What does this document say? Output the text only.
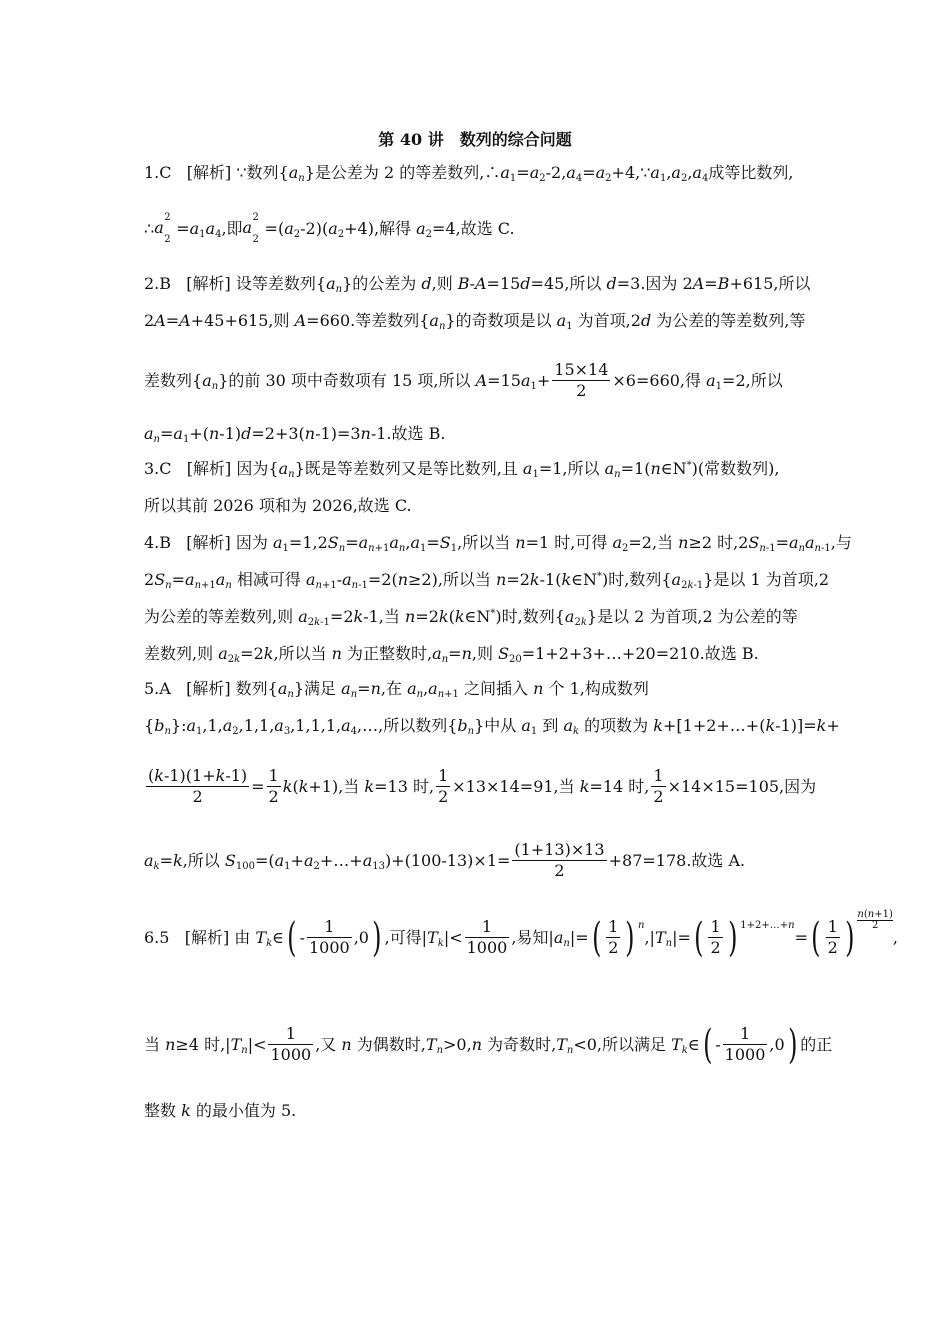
第 40 讲　数列的综合问题
1.C [解析] ∵数列$\{a_n\}$是公差为 2 的等差数列$,\therefore a_1=a_2-2,a_4=a_2+4,\because a_1,a_2,a_4$成等比数列,
∴
2
a
2
$=a_1a_4$,即
2
a
2
$=(a_2-2)(a_2+4)$,解得 $a_2=4$,故选 C.
2.B [解析] 设等差数列$\{a_n\}$的公差为 d,则 B-A=15d=45,所以 d=3.因为 2A=B+615,所以
2A=A+45+615,则 A=660.等差数列$\{a_n\}$的奇数项是以 $a_1$ 为首项,2d 为公差的等差数列,等
差数列$\{a_n\}$的前 30 项中奇数项有 15 项,所以 $A=15a_1+ \frac{15\times 14}{2} \times 6=660$,得 $a_1=2$,所以
$a_n=a_1+(n-1)d=2+3(n-1)=3n-1$.故选 B.
3.C [解析] 因为$\{a_n\}$既是等差数列又是等比数列,且 $a_1=1$,所以 $a_n=1(n\in N^*)$(常数数列),
所以其前 2026 项和为 2026,故选 C.
4.B [解析] 因为 $a_1=1,2S_n=a_{n+1}a_n,a_1=S_1$,所以当 n=1 时,可得 $a_2=2$,当 n≥2 时$,2S_{n-1}=a_na_{n-1}$,与
$2S_n=a_{n+1}a_n$ 相减可得 $a_{n+1}-a_{n-1}=2(n\ge 2)$,所以当 n=2k-1(k∈N*)时,数列$\{a_{2k-1}\}$是以 1 为首项,2
为公差的等差数列,则 $a_{2k-1}=2k-1$,当 n=2k(k∈N*)时,数列$\{a_{2k}\}$是以 2 为首项,2 为公差的等
差数列,则 $a_{2k}=2k$,所以当 n 为正整数时$,a_n=n$,则 $S_{20}=1+2+3+\dots+20=210$.故选 B.
5.A [解析] 数列$\{a_n\}$满足 $a_n=n$,在 $a_n,a_{n+1}$ 之间插入 n 个 1,构成数列
$\{b_n\}:a_1,1,a_2,1,1,a_3,1,1,1,a_4,\dots$,所以数列$\{b_n\}$中从 $a_1$ 到 $a_k$ 的项数为 k+[1+2+…+(k-1)]=k+
$\frac{(k-1)(1+k-1)}{2} = \frac{1}{2} k(k+1)$,当 k=13 时, $\frac{1}{2} \times 13\times 14=91$,当 k=14 时, $\frac{1}{2} \times 14\times 15=105$,因为
$a_k=k$,所以 $S_{100}=(a_1+a_2+\dots+a_{13})+(100-13)\times 1= \frac{(1+13)\times 13}{2} +87=178$.故选 A.
6.5 [解析] 由 $T_k\in( - \frac{1}{1000} ,0)$ ,可得$|T_k|< \frac{1}{1000}$ ,易知$|a_n|=( \frac{1}{2}$ ) $n,|T_n|=( \frac{1}{2}$ ) 1+2+…+n=( $\frac{1}{2}$ ) $\frac{n(n+1)}{2}$
,
当 n≥4 时$,|T_n|< \frac{1}{1000}$ ,又 n 为偶数时$,T_n>0,n$ 为奇数时$,T_n<0$,所以满足 $T_k\in( - \frac{1}{1000} ,0)$ 的正
整数 k 的最小值为 5.
